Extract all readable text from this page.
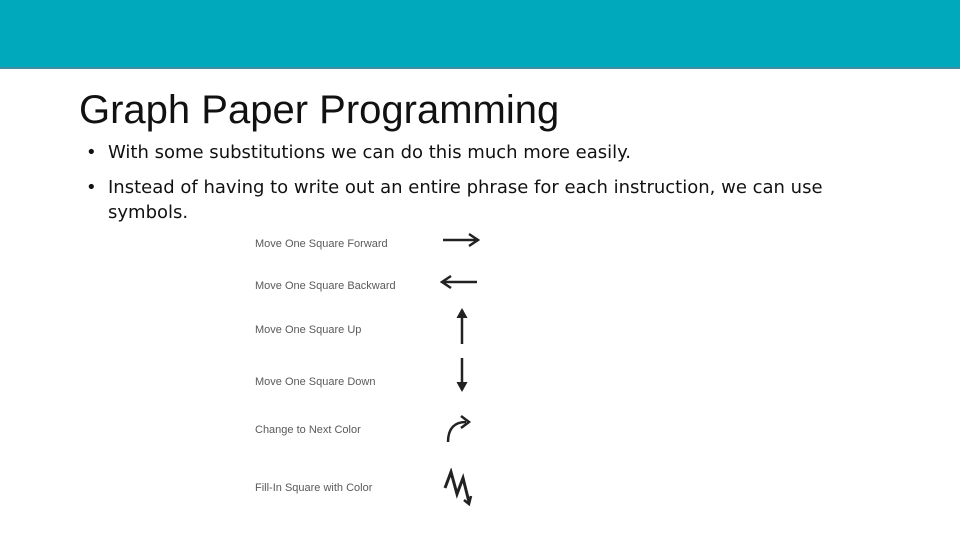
Graph Paper Programming
• With some substitutions we can do this much more easily.
• Instead of having to write out an entire phrase for each instruction, we can use symbols.
Move One Square Forward
Move One Square Backward
Move One Square Up
Move One Square Down
Change to Next Color
Fill-In Square with Color
